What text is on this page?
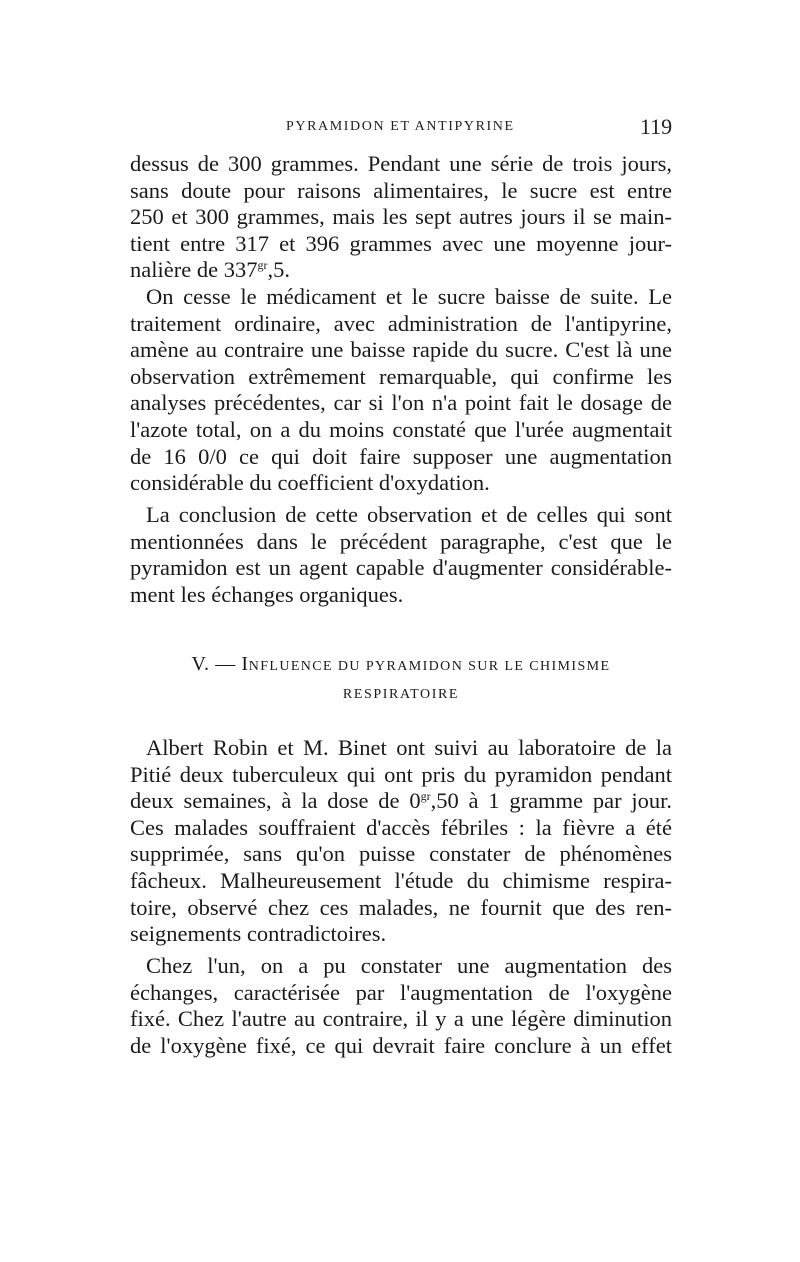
PYRAMIDON ET ANTIPYRINE	119
dessus de 300 grammes. Pendant une série de trois jours,
sans doute pour raisons alimentaires, le sucre est entre
250 et 300 grammes, mais les sept autres jours il se main-
tient entre 317 et 396 grammes avec une moyenne jour-
nalière de $337^{gr},5$.
On cesse le médicament et le sucre baisse de suite. Le
traitement ordinaire, avec administration de l'antipyrine,
amène au contraire une baisse rapide du sucre. C'est là une
observation extrêmement remarquable, qui confirme les
analyses précédentes, car si l'on n'a point fait le dosage de
l'azote total, on a du moins constaté que l'urée augmentait
de 16 0/0 ce qui doit faire supposer une augmentation
considérable du coefficient d'oxydation.
La conclusion de cette observation et de celles qui sont
mentionnées dans le précédent paragraphe, c'est que le
pyramidon est un agent capable d'augmenter considérable-
ment les échanges organiques.
V. — INFLUENCE DU PYRAMIDON SUR LE CHIMISME
RESPIRATOIRE
Albert Robin et M. Binet ont suivi au laboratoire de la
Pitié deux tuberculeux qui ont pris du pyramidon pendant
deux semaines, à la dose de $0^{gr},50$ à 1 gramme par jour.
Ces malades souffraient d'accès fébriles : la fièvre a été
supprimée, sans qu'on puisse constater de phénomènes
fâcheux. Malheureusement l'étude du chimisme respira-
toire, observé chez ces malades, ne fournit que des ren-
seignements contradictoires.
Chez l'un, on a pu constater une augmentation des
échanges, caractérisée par l'augmentation de l'oxygène
fixé. Chez l'autre au contraire, il y a une légère diminution
de l'oxygène fixé, ce qui devrait faire conclure à un effet
